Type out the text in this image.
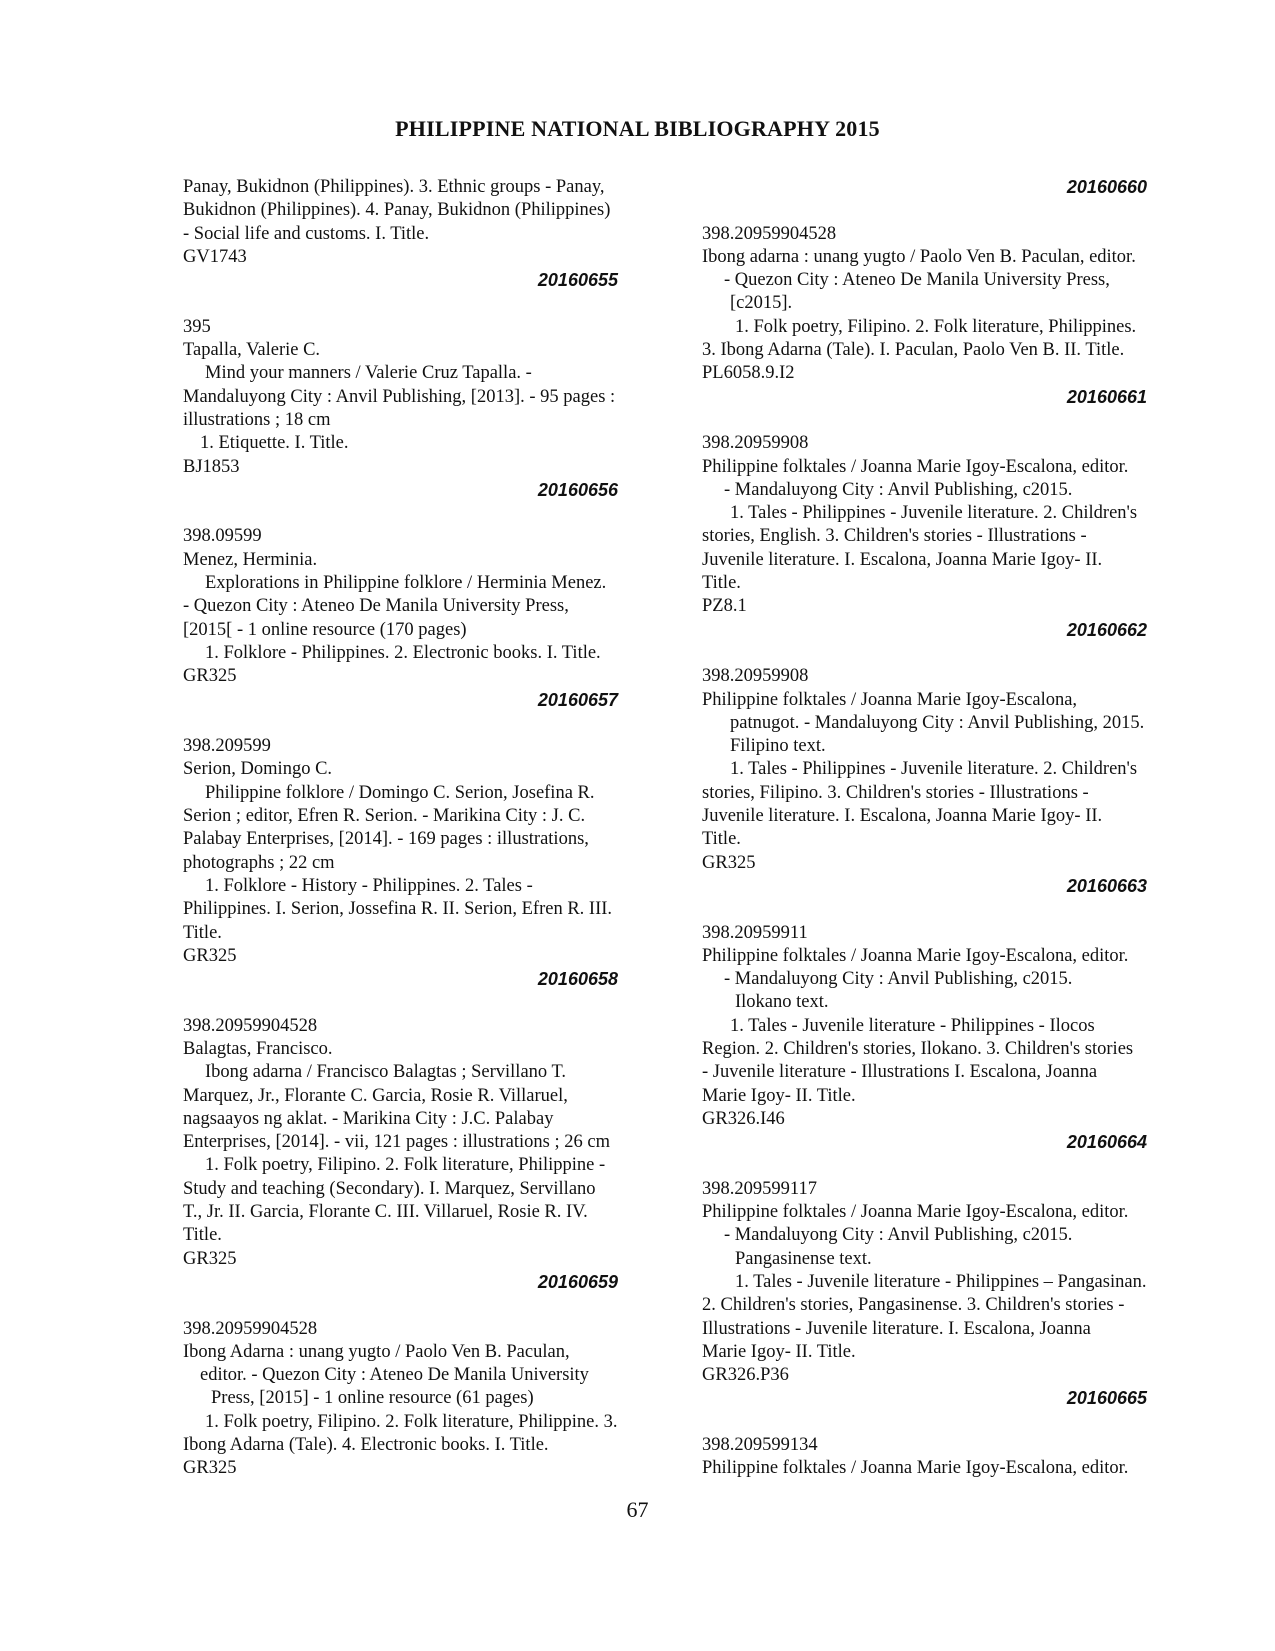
PHILIPPINE NATIONAL BIBLIOGRAPHY 2015
Panay, Bukidnon (Philippines). 3. Ethnic groups - Panay,
Bukidnon (Philippines). 4. Panay, Bukidnon (Philippines)
- Social life and customs. I. Title.
GV1743
20160655
395
Tapalla, Valerie C.
Mind your manners / Valerie Cruz Tapalla. -
Mandaluyong City : Anvil Publishing, [2013]. - 95 pages :
illustrations ; 18 cm
1. Etiquette. I. Title.
BJ1853
20160656
398.09599
Menez, Herminia.
Explorations in Philippine folklore / Herminia Menez.
- Quezon City : Ateneo De Manila University Press,
[2015[ - 1 online resource (170 pages)
1. Folklore - Philippines. 2. Electronic books. I. Title.
GR325
20160657
398.209599
Serion, Domingo C.
Philippine folklore / Domingo C. Serion, Josefina R.
Serion ; editor, Efren R. Serion. - Marikina City : J. C.
Palabay Enterprises, [2014]. - 169 pages : illustrations,
photographs ; 22 cm
1. Folklore - History - Philippines. 2. Tales -
Philippines. I. Serion, Jossefina R. II. Serion, Efren R. III.
Title.
GR325
20160658
398.20959904528
Balagtas, Francisco.
Ibong adarna / Francisco Balagtas ; Servillano T.
Marquez, Jr., Florante C. Garcia, Rosie R. Villaruel,
nagsaayos ng aklat. - Marikina City : J.C. Palabay
Enterprises, [2014]. - vii, 121 pages : illustrations ; 26 cm
1. Folk poetry, Filipino. 2. Folk literature, Philippine -
Study and teaching (Secondary). I. Marquez, Servillano
T., Jr. II. Garcia, Florante C. III. Villaruel, Rosie R. IV.
Title.
GR325
20160659
398.20959904528
Ibong Adarna : unang yugto / Paolo Ven B. Paculan,
editor. - Quezon City : Ateneo De Manila University
Press, [2015] - 1 online resource (61 pages)
1. Folk poetry, Filipino. 2. Folk literature, Philippine. 3.
Ibong Adarna (Tale). 4. Electronic books. I. Title.
GR325
20160660
398.20959904528
Ibong adarna : unang yugto / Paolo Ven B. Paculan, editor.
- Quezon City : Ateneo De Manila University Press,
[c2015].
1. Folk poetry, Filipino. 2. Folk literature, Philippines.
3. Ibong Adarna (Tale). I. Paculan, Paolo Ven B. II. Title.
PL6058.9.I2
20160661
398.20959908
Philippine folktales / Joanna Marie Igoy-Escalona, editor.
- Mandaluyong City : Anvil Publishing, c2015.
1. Tales - Philippines - Juvenile literature. 2. Children's
stories, English. 3. Children's stories - Illustrations -
Juvenile literature. I. Escalona, Joanna Marie Igoy- II.
Title.
PZ8.1
20160662
398.20959908
Philippine folktales / Joanna Marie Igoy-Escalona,
patnugot. - Mandaluyong City : Anvil Publishing, 2015.
Filipino text.
1. Tales - Philippines - Juvenile literature. 2. Children's
stories, Filipino. 3. Children's stories - Illustrations -
Juvenile literature. I. Escalona, Joanna Marie Igoy- II.
Title.
GR325
20160663
398.20959911
Philippine folktales / Joanna Marie Igoy-Escalona, editor.
- Mandaluyong City : Anvil Publishing, c2015.
Ilokano text.
1. Tales - Juvenile literature - Philippines - Ilocos
Region. 2. Children's stories, Ilokano. 3. Children's stories
- Juvenile literature - Illustrations I. Escalona, Joanna
Marie Igoy- II. Title.
GR326.I46
20160664
398.209599117
Philippine folktales / Joanna Marie Igoy-Escalona, editor.
- Mandaluyong City : Anvil Publishing, c2015.
Pangasinense text.
1. Tales - Juvenile literature - Philippines – Pangasinan.
2. Children's stories, Pangasinense. 3. Children's stories -
Illustrations - Juvenile literature. I. Escalona, Joanna
Marie Igoy- II. Title.
GR326.P36
20160665
398.209599134
Philippine folktales / Joanna Marie Igoy-Escalona, editor.
67
